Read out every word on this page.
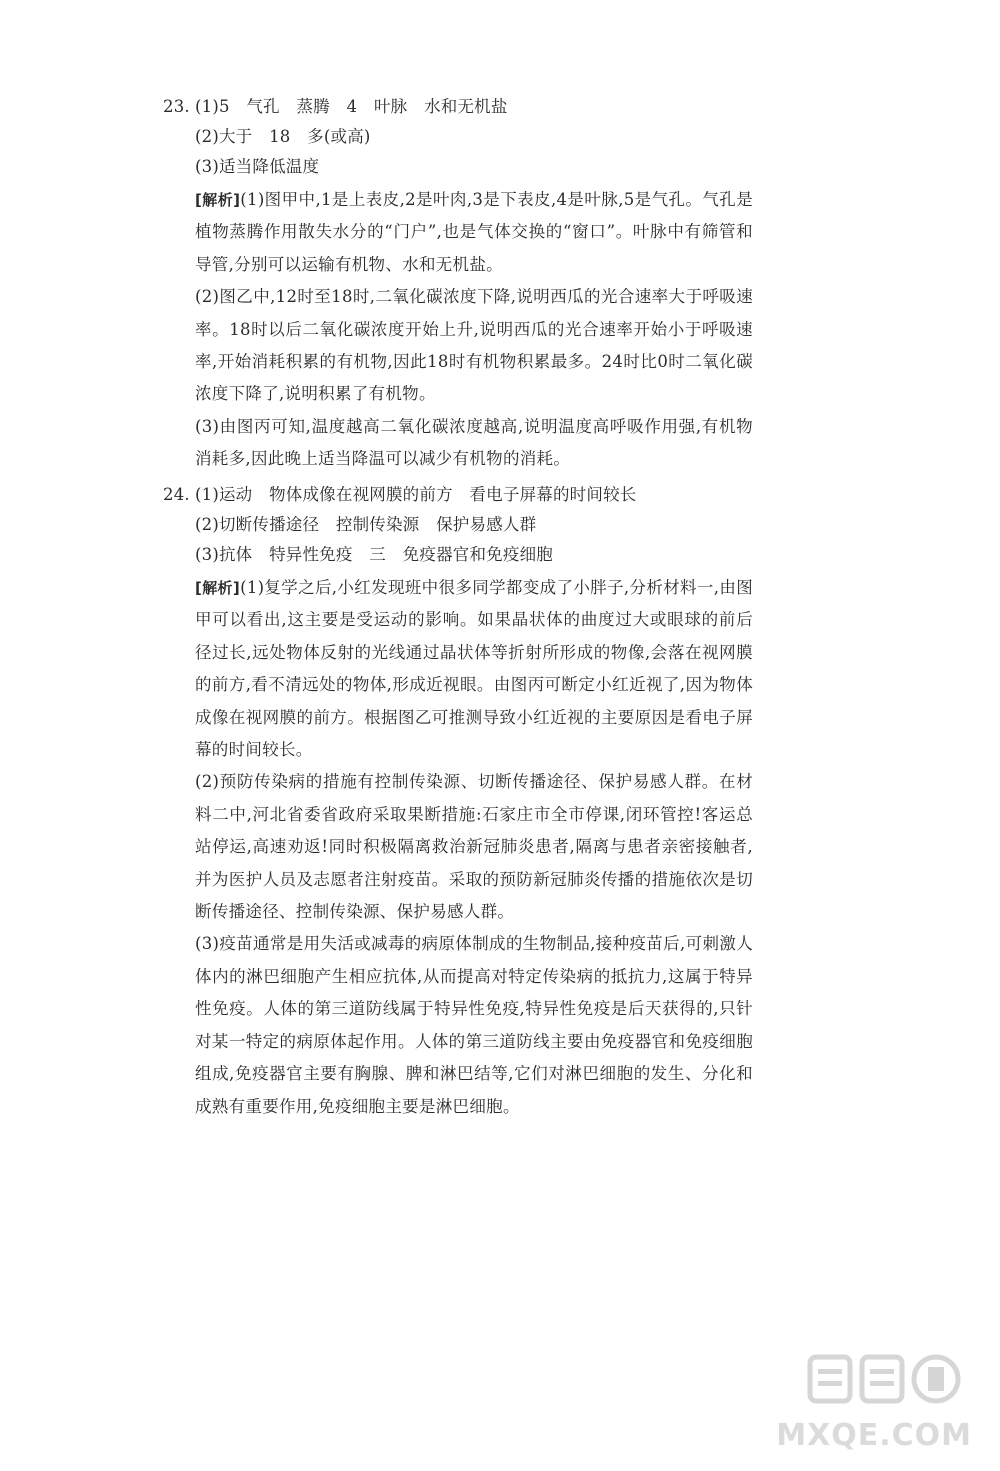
23. (1)5　气孔　蒸腾　4　叶脉　水和无机盐
(2)大于　18　多(或高)
(3)适当降低温度
[解析](1)图甲中,1是上表皮,2是叶肉,3是下表皮,4是叶脉,5是气孔。气孔是植物蒸腾作用散失水分的“门户”,也是气体交换的“窗口”。叶脉中有筛管和导管,分别可以运输有机物、水和无机盐。
(2)图乙中,12时至18时,二氧化碳浓度下降,说明西瓜的光合速率大于呼吸速率。18时以后二氧化碳浓度开始上升,说明西瓜的光合速率开始小于呼吸速率,开始消耗积累的有机物,因此18时有机物积累最多。24时比0时二氧化碳浓度下降了,说明积累了有机物。
(3)由图丙可知,温度越高二氧化碳浓度越高,说明温度高呼吸作用强,有机物消耗多,因此晚上适当降温可以减少有机物的消耗。
24. (1)运动　物体成像在视网膜的前方　看电子屏幕的时间较长
(2)切断传播途径　控制传染源　保护易感人群
(3)抗体　特异性免疫　三　免疫器官和免疫细胞
[解析](1)复学之后,小红发现班中很多同学都变成了小胖子,分析材料一,由图甲可以看出,这主要是受运动的影响。如果晶状体的曲度过大或眼球的前后径过长,远处物体反射的光线通过晶状体等折射所形成的物像,会落在视网膜的前方,看不清远处的物体,形成近视眼。由图丙可断定小红近视了,因为物体成像在视网膜的前方。根据图乙可推测导致小红近视的主要原因是看电子屏幕的时间较长。
(2)预防传染病的措施有控制传染源、切断传播途径、保护易感人群。在材料二中,河北省委省政府采取果断措施:石家庄市全市停课,闭环管控!客运总站停运,高速劝返!同时积极隔离救治新冠肺炎患者,隔离与患者亲密接触者,并为医护人员及志愿者注射疫苗。采取的预防新冠肺炎传播的措施依次是切断传播途径、控制传染源、保护易感人群。
(3)疫苗通常是用失活或减毒的病原体制成的生物制品,接种疫苗后,可刺激人体内的淋巴细胞产生相应抗体,从而提高对特定传染病的抵抗力,这属于特异性免疫。人体的第三道防线属于特异性免疫,特异性免疫是后天获得的,只针对某一特定的病原体起作用。人体的第三道防线主要由免疫器官和免疫细胞组成,免疫器官主要有胸腺、脾和淋巴结等,它们对淋巴细胞的发生、分化和成熟有重要作用,免疫细胞主要是淋巴细胞。
MXQE.COM
